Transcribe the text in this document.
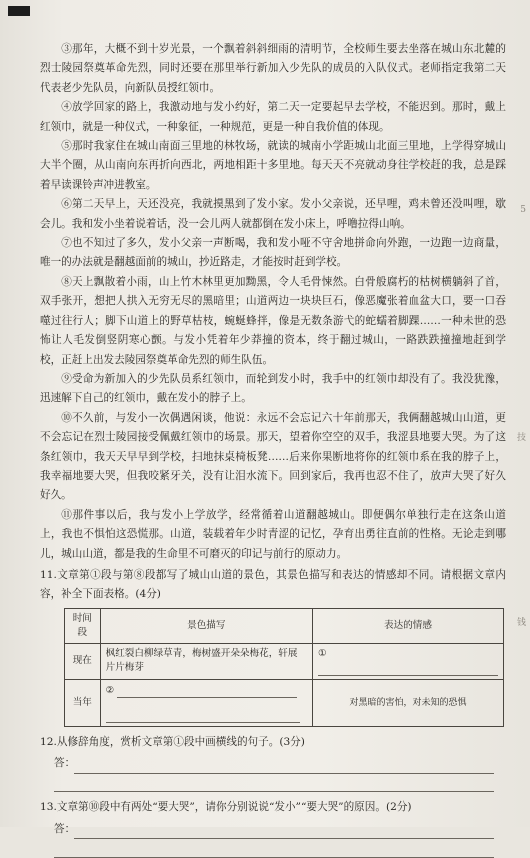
③那年，大概不到十岁光景，一个飘着斜斜细雨的清明节，全校师生要去坐落在城山东北麓的烈士陵园祭奠革命先烈，同时还要在那里举行新加入少先队的成员的入队仪式。老师指定我第二天代表老少先队员，向新队员授红领巾。

④放学回家的路上，我激动地与发小约好，第二天一定要起早去学校，不能迟到。那时，戴上红领巾，就是一种仪式，一种象征，一种规范，更是一种自我价值的体现。

⑤那时我家住在城山南面三里地的林牧场，就读的城南小学距城山北面三里地，上学得穿城山大半个圈，从山南向东再折向西北，两地相距十多里地。每天天不亮就动身往学校赶的我，总是踩着早读课铃声冲进教室。

⑥第二天早上，天还没亮，我就摸黑到了发小家。发小父亲说，还早哩，鸡未曾还没叫哩，歇会儿。我和发小坐着说着话，没一会儿两人就都倒在发小床上，呼噜拉得山响。

⑦也不知过了多久，发小父亲一声断喝，我和发小哑不守舍地拼命向外跑，一边跑一边商量，唯一的办法就是翻越面前的城山，抄近路走，才能按时赶到学校。

⑧天上飘散着小雨，山上竹木林里更加黝黑，令人毛骨悚然。白骨般腐朽的枯树横躺斜了首，双手张开，想把人拱入无穷无尽的黑暗里；山道两边一块块巨石，像恶魔张着血盆大口，要一口吞噬过往行人；脚下山道上的野草枯枝，蜿蜒蜂拌，像是无数条游弋的蛇蠕着脚踝……一种未世的恐怖让人毛发倒竖阴寒心颤。与发小凭着年少莽撞的资本，终于翻过城山，一路跌跌撞撞地赶到学校，正赶上出发去陵园祭奠革命先烈的师生队伍。

⑨受命为新加入的少先队员系红领巾，而轮到发小时，我手中的红领巾却没有了。我没犹豫，迅速解下自己的红领巾，戴在发小的脖子上。

⑩不久前，与发小一次偶遇闲谈，他说：永远不会忘记六十年前那天，我俩翻越城山山道，更不会忘记在烈士陵园接受佩戴红领巾的场景。那天，望着你空空的双手，我涩县地要大哭。为了这条红领巾，我天天早早到学校，扫地抹桌椅板凳……后来你果断地将你的红领巾系在我的脖子上，我幸福地要大哭，但我咬紧牙关，没有让泪水流下。回到家后，我再也忍不住了，放声大哭了好久好久。

⑪那件事以后，我与发小上学放学，经常循着山道翻越城山。即便偶尔单独行走在这条山道上，我也不惧怕这恐慌那。山道，装载着年少时青涩的记忆，孕育出勇往直前的性格。无论走到哪儿，城山山道，都是我的生命里不可磨灭的印记与前行的原动力。

11.文章第①段与第⑧段都写了城山山道的景色，其景色描写和表达的情感却不同。请根据文章内容，补全下面表格。(4分)

时间段	景色描写	表达的情感
现在	枫红裂白柳绿草青，梅树盛开朵朵梅花，轩展片片梅芽	①
当年	②	对黑暗的害怕，对未知的恐惧

12.从修辞角度，赏析文章第①段中画横线的句子。(3分)

答：

13.文章第⑩段中有两处“要大哭”，请你分别说说“发小”“要大哭”的原因。(2分)

答：
5
技
钱
